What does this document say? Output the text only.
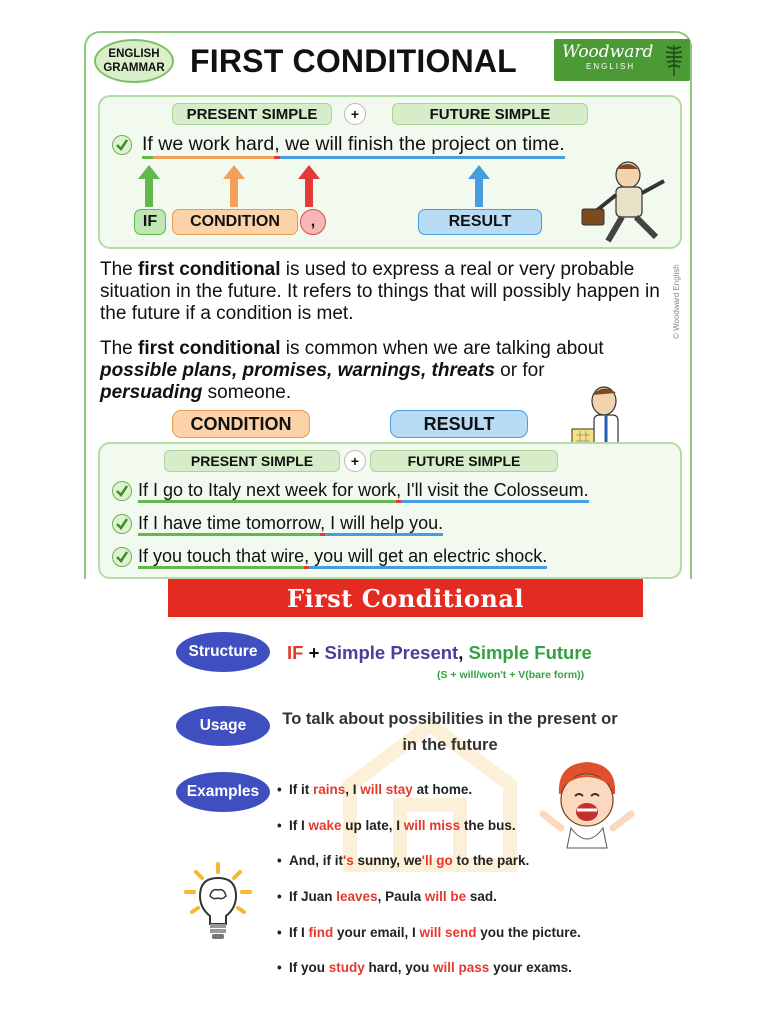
ENGLISH
GRAMMAR FIRST CONDITIONAL	Woodward
ENGLISH
PRESENT SIMPLE	+	FUTURE SIMPLE
If we work hard, we will finish the project on time.
IF	CONDITION	,	RESULT
The first conditional is used to express a real or very probable situation in the future. It refers to things that will possibly happen in the future if a condition is met.
The first conditional is common when we are talking about possible plans, promises, warnings, threats or for persuading someone.
CONDITION	RESULT
PRESENT SIMPLE	+	FUTURE SIMPLE
If I go to Italy next week for work, I'll visit the Colosseum.
If I have time tomorrow, I will help you.
If you touch that wire, you will get an electric shock.
© Woodward English
First Conditional
Structure	IF + Simple Present, Simple Future
(S + will/won't + V(bare form))
Usage	To talk about possibilities in the present or in the future
Examples	• If it rains, I will stay at home.
• If I wake up late, I will miss the bus.
• And, if it's sunny, we'll go to the park.
• If Juan leaves, Paula will be sad.
• If I find your email, I will send you the picture.
• If you study hard, you will pass your exams.
